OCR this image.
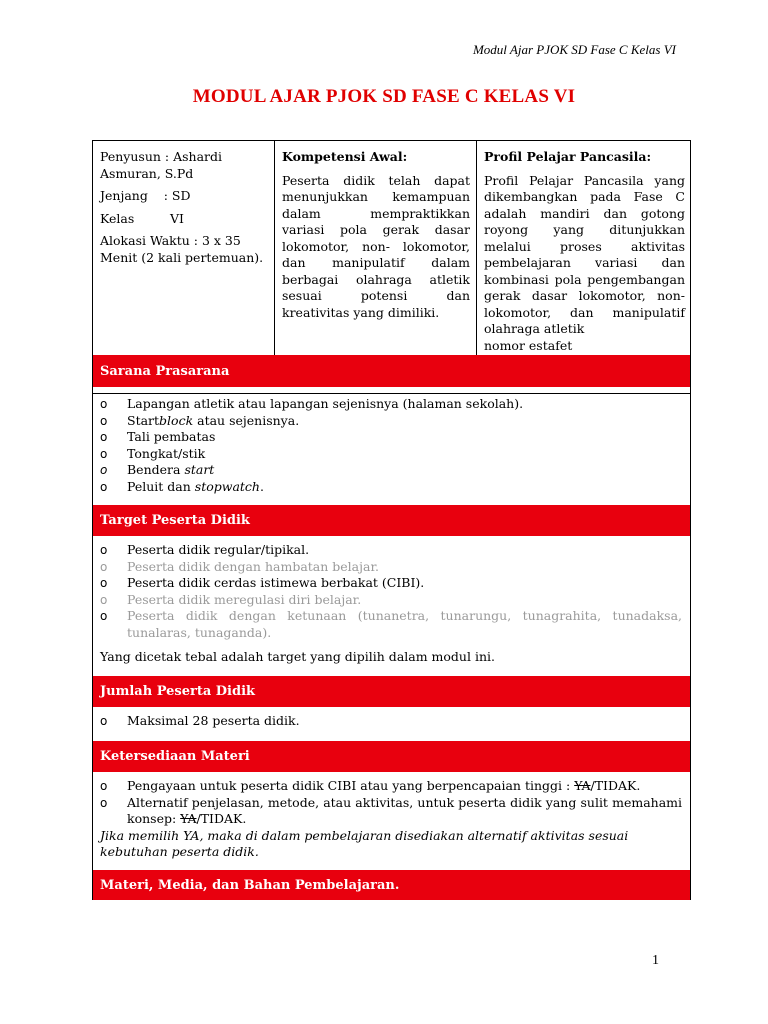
Modul Ajar PJOK SD Fase C Kelas VI
MODUL AJAR PJOK SD FASE C KELAS VI

Penyusun : Ashardi Asmuran, S.Pd

Jenjang    : SD

Kelas         VI

Alokasi Waktu : 3 x 35 Menit (2 kali pertemuan).

Kompetensi Awal:

Peserta didik telah dapat menunjukkan kemampuan dalam mempraktikkan variasi pola gerak dasar lokomotor, non- lokomotor, dan manipulatif dalam berbagai olahraga atletik sesuai potensi dan kreativitas yang dimiliki.

Profil Pelajar Pancasila:

Profil Pelajar Pancasila yang dikembangkan pada Fase C adalah mandiri dan gotong royong yang ditunjukkan melalui proses aktivitas pembelajaran variasi dan kombinasi pola pengembangan gerak dasar lokomotor, non-lokomotor, dan manipulatif olahraga atletik

nomor estafet

Sarana Prasarana
o Lapangan atletik atau lapangan sejenisnya (halaman sekolah).
o Startblock atau sejenisnya.
o Tali pembatas
o Tongkat/stik
o Bendera start
o Peluit dan stopwatch.
Target Peserta Didik
o Peserta didik regular/tipikal.
o Peserta didik dengan hambatan belajar.
o Peserta didik cerdas istimewa berbakat (CIBI).
o Peserta didik meregulasi diri belajar.
o Peserta didik dengan ketunaan (tunanetra, tunarungu, tunagrahita, tunadaksa, tunalaras, tunaganda).
Yang dicetak tebal adalah target yang dipilih dalam modul ini.
Jumlah Peserta Didik
o Maksimal 28 peserta didik.
Ketersediaan Materi
o Pengayaan untuk peserta didik CIBI atau yang berpencapaian tinggi : YA/TIDAK.
o Alternatif penjelasan, metode, atau aktivitas, untuk peserta didik yang sulit memahami konsep: YA/TIDAK.
Jika memilih YA, maka di dalam pembelajaran disediakan alternatif aktivitas sesuai kebutuhan peserta didik.
Materi, Media, dan Bahan Pembelajaran.
1
